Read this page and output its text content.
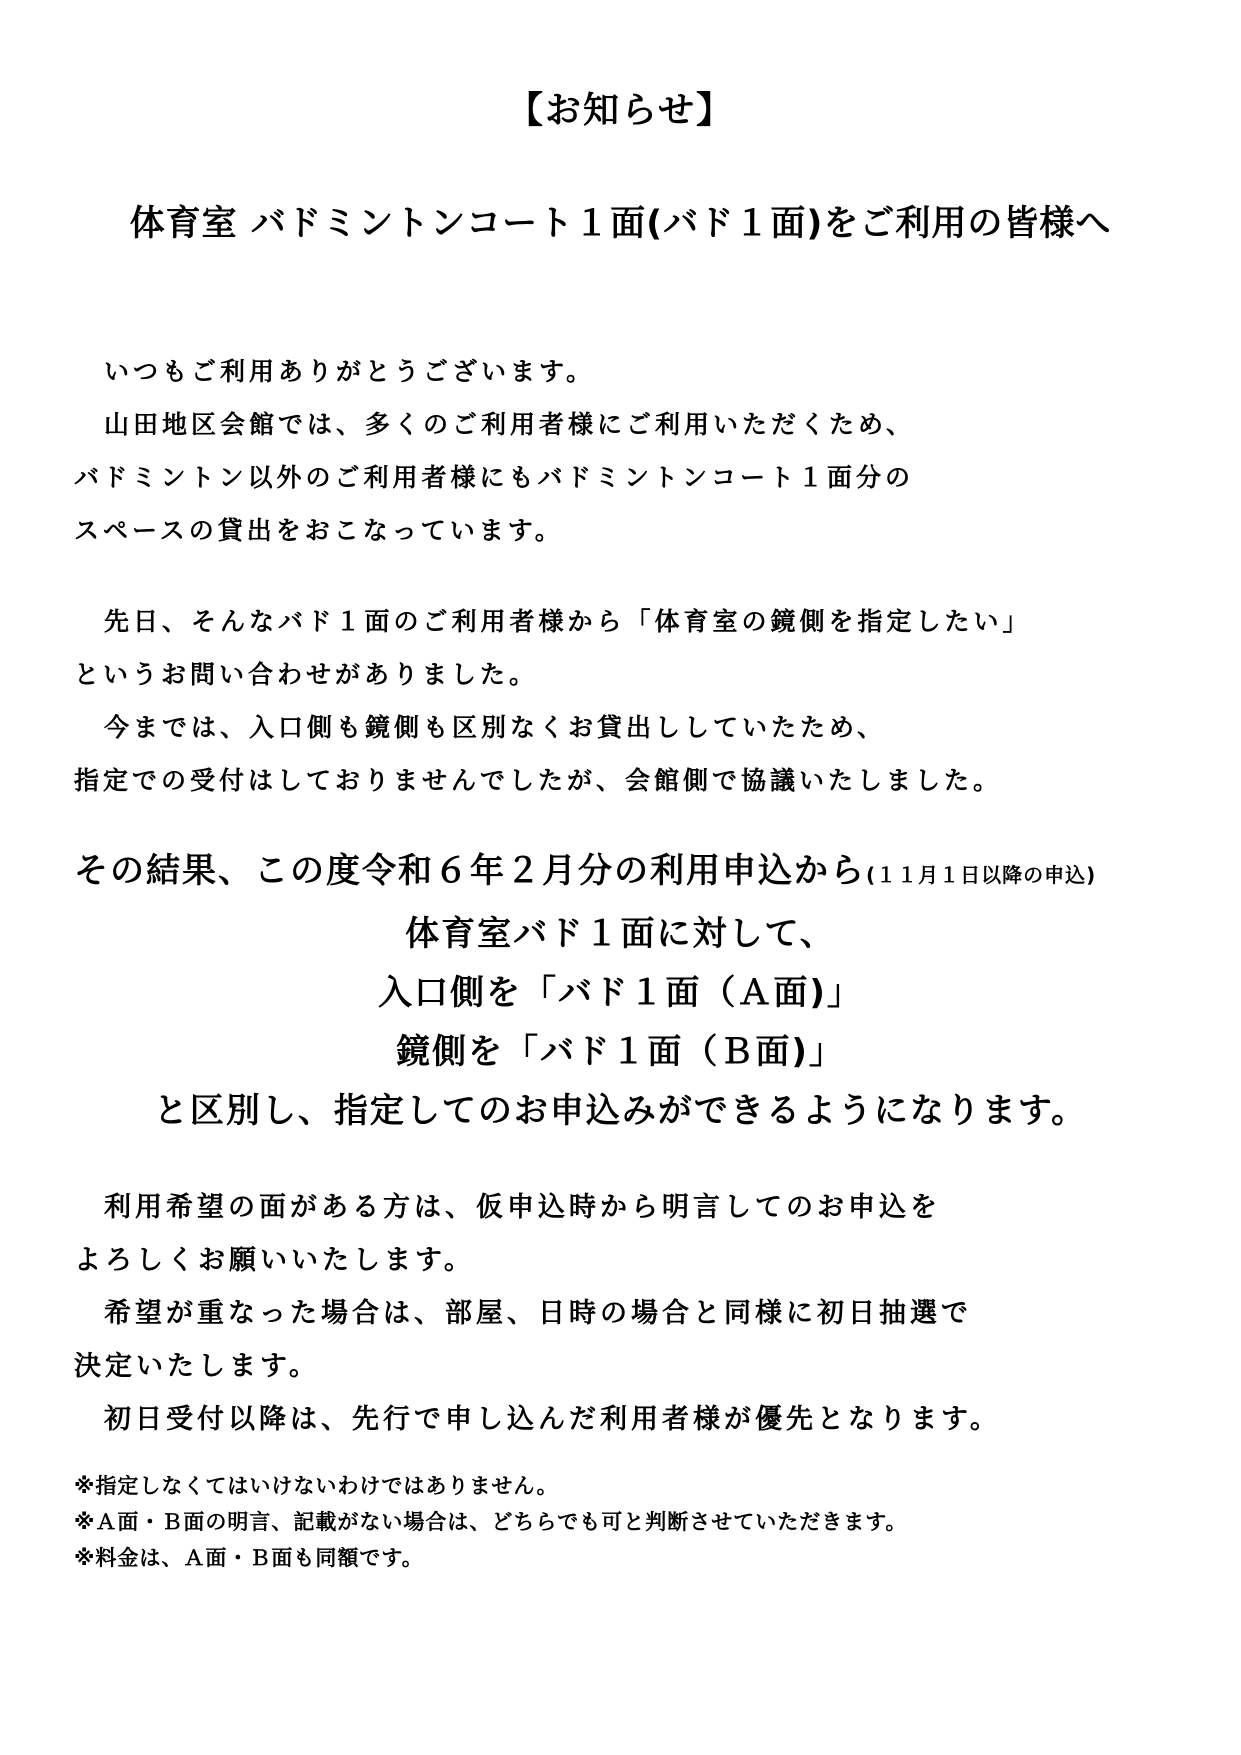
【お知らせ】
体育室 バドミントンコート１面(バド１面)をご利用の皆様へ
いつもご利用ありがとうございます。
山田地区会館では、多くのご利用者様にご利用いただくため、
バドミントン以外のご利用者様にもバドミントンコート１面分の
スペースの貸出をおこなっています。
先日、そんなバド１面のご利用者様から「体育室の鏡側を指定したい」
というお問い合わせがありました。
今までは、入口側も鏡側も区別なくお貸出ししていたため、
指定での受付はしておりませんでしたが、会館側で協議いたしました。
その結果、この度令和６年２月分の利用申込から(１１月１日以降の申込)
体育室バド１面に対して、
入口側を「バド１面（Ａ面)」
鏡側を「バド１面（Ｂ面)」
と区別し、指定してのお申込みができるようになります。
利用希望の面がある方は、仮申込時から明言してのお申込を
よろしくお願いいたします。
希望が重なった場合は、部屋、日時の場合と同様に初日抽選で
決定いたします。
初日受付以降は、先行で申し込んだ利用者様が優先となります。
※指定しなくてはいけないわけではありません。
※Ａ面・Ｂ面の明言、記載がない場合は、どちらでも可と判断させていただきます。
※料金は、Ａ面・Ｂ面も同額です。
